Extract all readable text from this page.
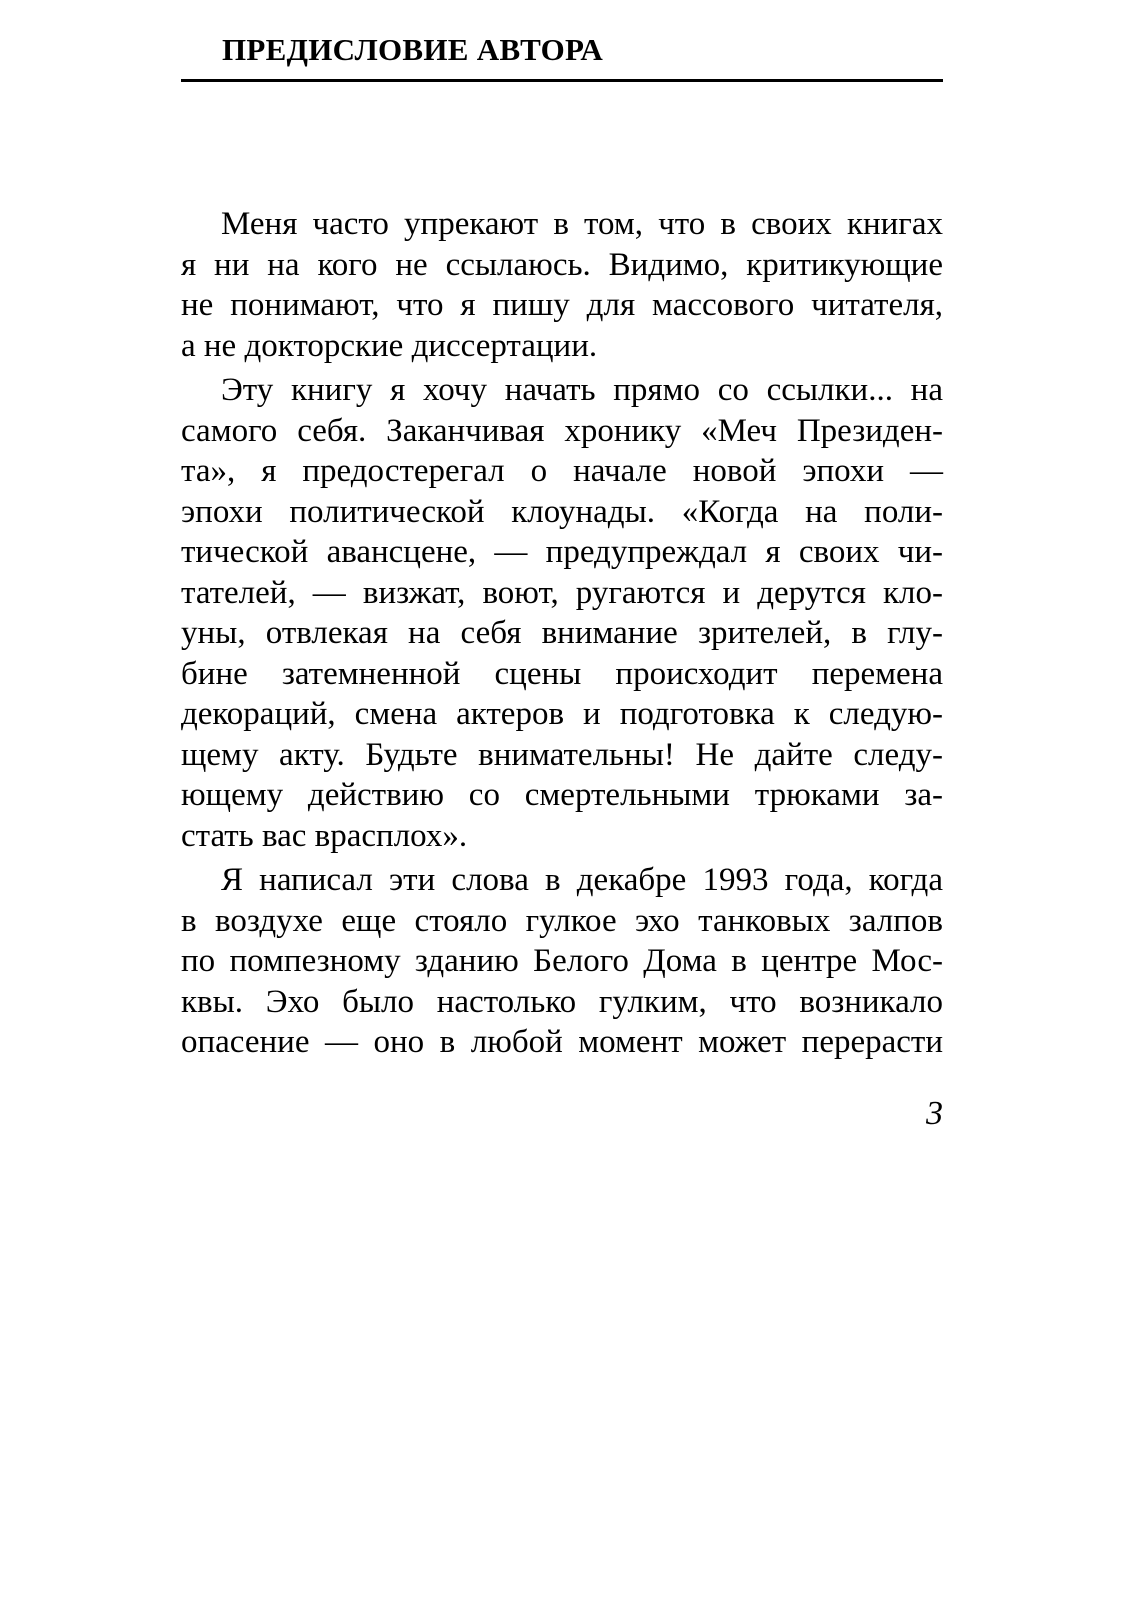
ПРЕДИСЛОВИЕ АВТОРА
Меня часто упрекают в том, что в своих книгах
я ни на кого не ссылаюсь. Видимо, критикующие
не понимают, что я пишу для массового читателя,
а не докторские диссертации.
Эту книгу я хочу начать прямо со ссылки... на
самого себя. Заканчивая хронику «Меч Президен-
та», я предостерегал о начале новой эпохи —
эпохи политической клоунады. «Когда на поли-
тической авансцене, — предупреждал я своих чи-
тателей, — визжат, воют, ругаются и дерутся кло-
уны, отвлекая на себя внимание зрителей, в глу-
бине затемненной сцены происходит перемена
декораций, смена актеров и подготовка к следую-
щему акту. Будьте внимательны! Не дайте следу-
ющему действию со смертельными трюками за-
стать вас врасплох».
Я написал эти слова в декабре 1993 года, когда
в воздухе еще стояло гулкое эхо танковых залпов
по помпезному зданию Белого Дома в центре Мос-
квы. Эхо было настолько гулким, что возникало
опасение — оно в любой момент может перерасти
3
